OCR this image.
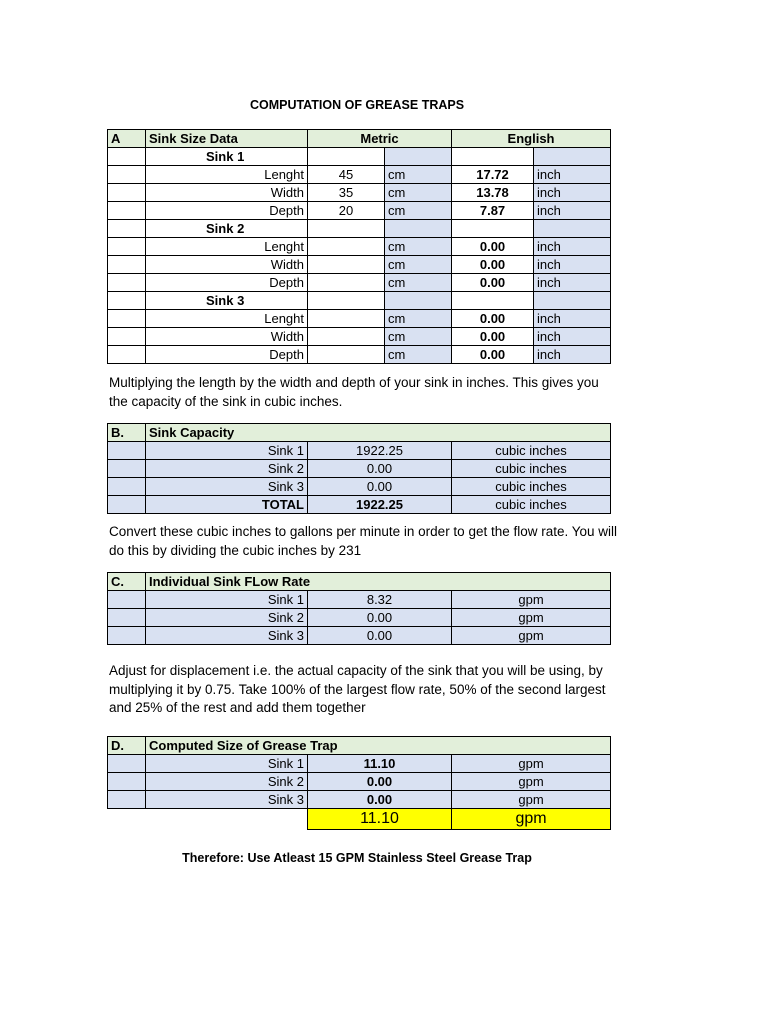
COMPUTATION OF GREASE TRAPS
A	Sink Size Data	Metric		English	
	Sink 1				
	Lenght	45	cm	17.72	inch
	Width	35	cm	13.78	inch
	Depth	20	cm	7.87	inch
	Sink 2				
	Lenght		cm	0.00	inch
	Width		cm	0.00	inch
	Depth		cm	0.00	inch
	Sink 3				
	Lenght		cm	0.00	inch
	Width		cm	0.00	inch
	Depth		cm	0.00	inch
Multiplying the length by the width and depth of your sink in inches. This gives you the capacity of the sink in cubic inches.
B.	Sink Capacity		
	Sink 1	1922.25	cubic inches
	Sink 2	0.00	cubic inches
	Sink 3	0.00	cubic inches
	TOTAL	1922.25	cubic inches
Convert these cubic inches to gallons per minute in order to get the flow rate. You will do this by dividing the cubic inches by 231
C.	Individual Sink FLow Rate		
	Sink 1	8.32	gpm
	Sink 2	0.00	gpm
	Sink 3	0.00	gpm
Adjust for displacement i.e. the actual capacity of the sink that you will be using, by multiplying it by 0.75. Take 100% of the largest flow rate, 50% of the second largest and 25% of the rest and add them together
D.	Computed Size of Grease Trap		
	Sink 1	11.10	gpm
	Sink 2	0.00	gpm
	Sink 3	0.00	gpm
		11.10	gpm
Therefore: Use Atleast 15 GPM Stainless Steel Grease Trap
